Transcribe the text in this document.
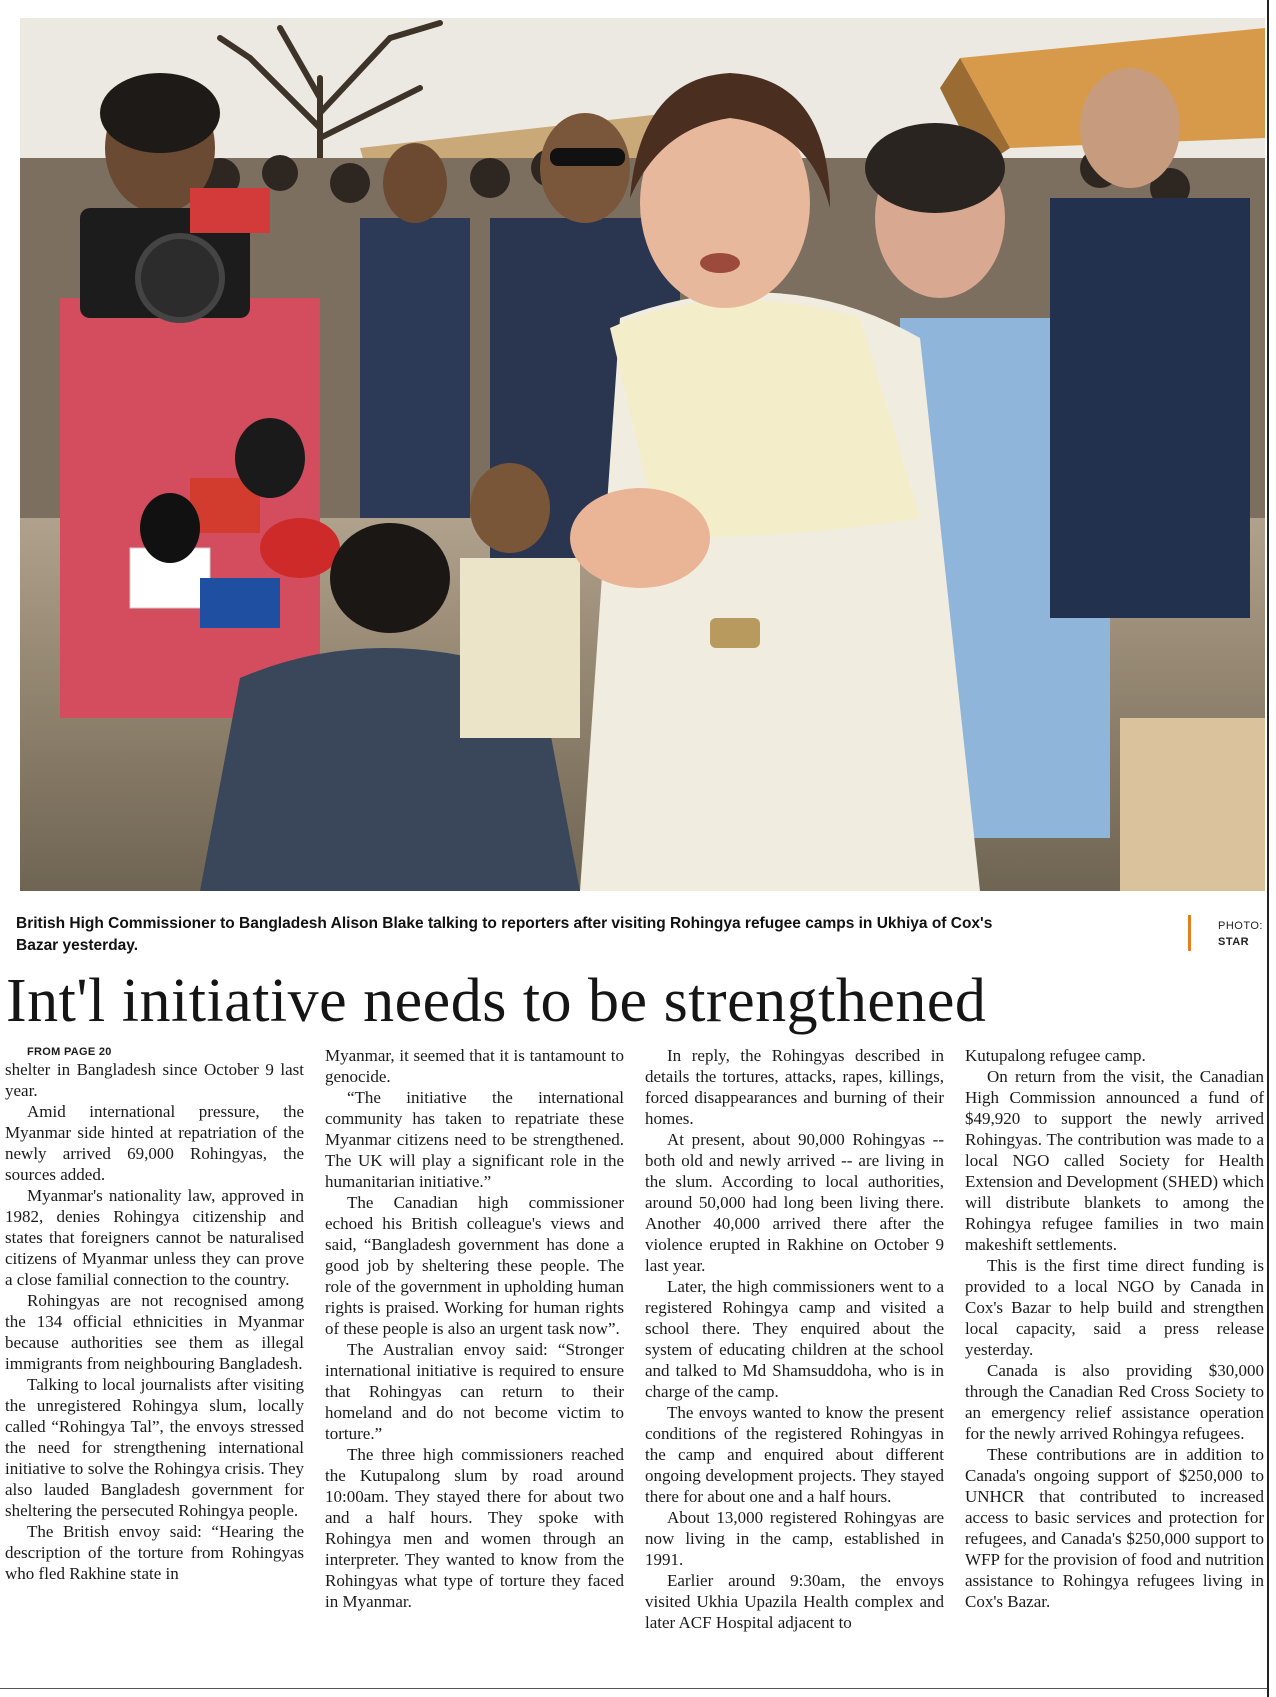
British High Commissioner to Bangladesh Alison Blake talking to reporters after visiting Rohingya refugee camps in Ukhiya of Cox's Bazar yesterday.
PHOTO:
STAR
Int'l initiative needs to be strengthened

FROM PAGE 20

shelter in Bangladesh since October 9 last year.

Amid international pressure, the Myanmar side hinted at repatriation of the newly arrived 69,000 Rohingyas, the sources added.

Myanmar's nationality law, approved in 1982, denies Rohingya citizenship and states that foreigners cannot be naturalised citizens of Myanmar unless they can prove a close familial connection to the country.

Rohingyas are not recognised among the 134 official ethnicities in Myanmar because authorities see them as illegal immigrants from neighbouring Bangladesh.

Talking to local journalists after visiting the unregistered Rohingya slum, locally called “Rohingya Tal”, the envoys stressed the need for strengthening international initiative to solve the Rohingya crisis. They also lauded Bangladesh government for sheltering the persecuted Rohingya people.

The British envoy said: “Hearing the description of the torture from Rohingyas who fled Rakhine state in

Myanmar, it seemed that it is tantamount to genocide.

“The initiative the international community has taken to repatriate these Myanmar citizens need to be strengthened. The UK will play a significant role in the humanitarian initiative.”

The Canadian high commissioner echoed his British colleague's views and said, “Bangladesh government has done a good job by sheltering these people. The role of the government in upholding human rights is praised. Working for human rights of these people is also an urgent task now”.

The Australian envoy said: “Stronger international initiative is required to ensure that Rohingyas can return to their homeland and do not become victim to torture.”

The three high commissioners reached the Kutupalong slum by road around 10:00am. They stayed there for about two and a half hours. They spoke with Rohingya men and women through an interpreter. They wanted to know from the Rohingyas what type of torture they faced in Myanmar.

In reply, the Rohingyas described in details the tortures, attacks, rapes, killings, forced disappearances and burning of their homes.

At present, about 90,000 Rohingyas -- both old and newly arrived -- are living in the slum. According to local authorities, around 50,000 had long been living there. Another 40,000 arrived there after the violence erupted in Rakhine on October 9 last year.

Later, the high commissioners went to a registered Rohingya camp and visited a school there. They enquired about the system of educating children at the school and talked to Md Shamsuddoha, who is in charge of the camp.

The envoys wanted to know the present conditions of the registered Rohingyas in the camp and enquired about different ongoing development projects. They stayed there for about one and a half hours.

About 13,000 registered Rohingyas are now living in the camp, established in 1991.

Earlier around 9:30am, the envoys visited Ukhia Upazila Health complex and later ACF Hospital adjacent to

Kutupalong refugee camp.

On return from the visit, the Canadian High Commission announced a fund of $49,920 to support the newly arrived Rohingyas. The contribution was made to a local NGO called Society for Health Extension and Development (SHED) which will distribute blankets to among the Rohingya refugee families in two main makeshift settlements.

This is the first time direct funding is provided to a local NGO by Canada in Cox's Bazar to help build and strengthen local capacity, said a press release yesterday.

Canada is also providing $30,000 through the Canadian Red Cross Society to an emergency relief assistance operation for the newly arrived Rohingya refugees.

These contributions are in addition to Canada's ongoing support of $250,000 to UNHCR that contributed to increased access to basic services and protection for refugees, and Canada's $250,000 support to WFP for the provision of food and nutrition assistance to Rohingya refugees living in Cox's Bazar.
